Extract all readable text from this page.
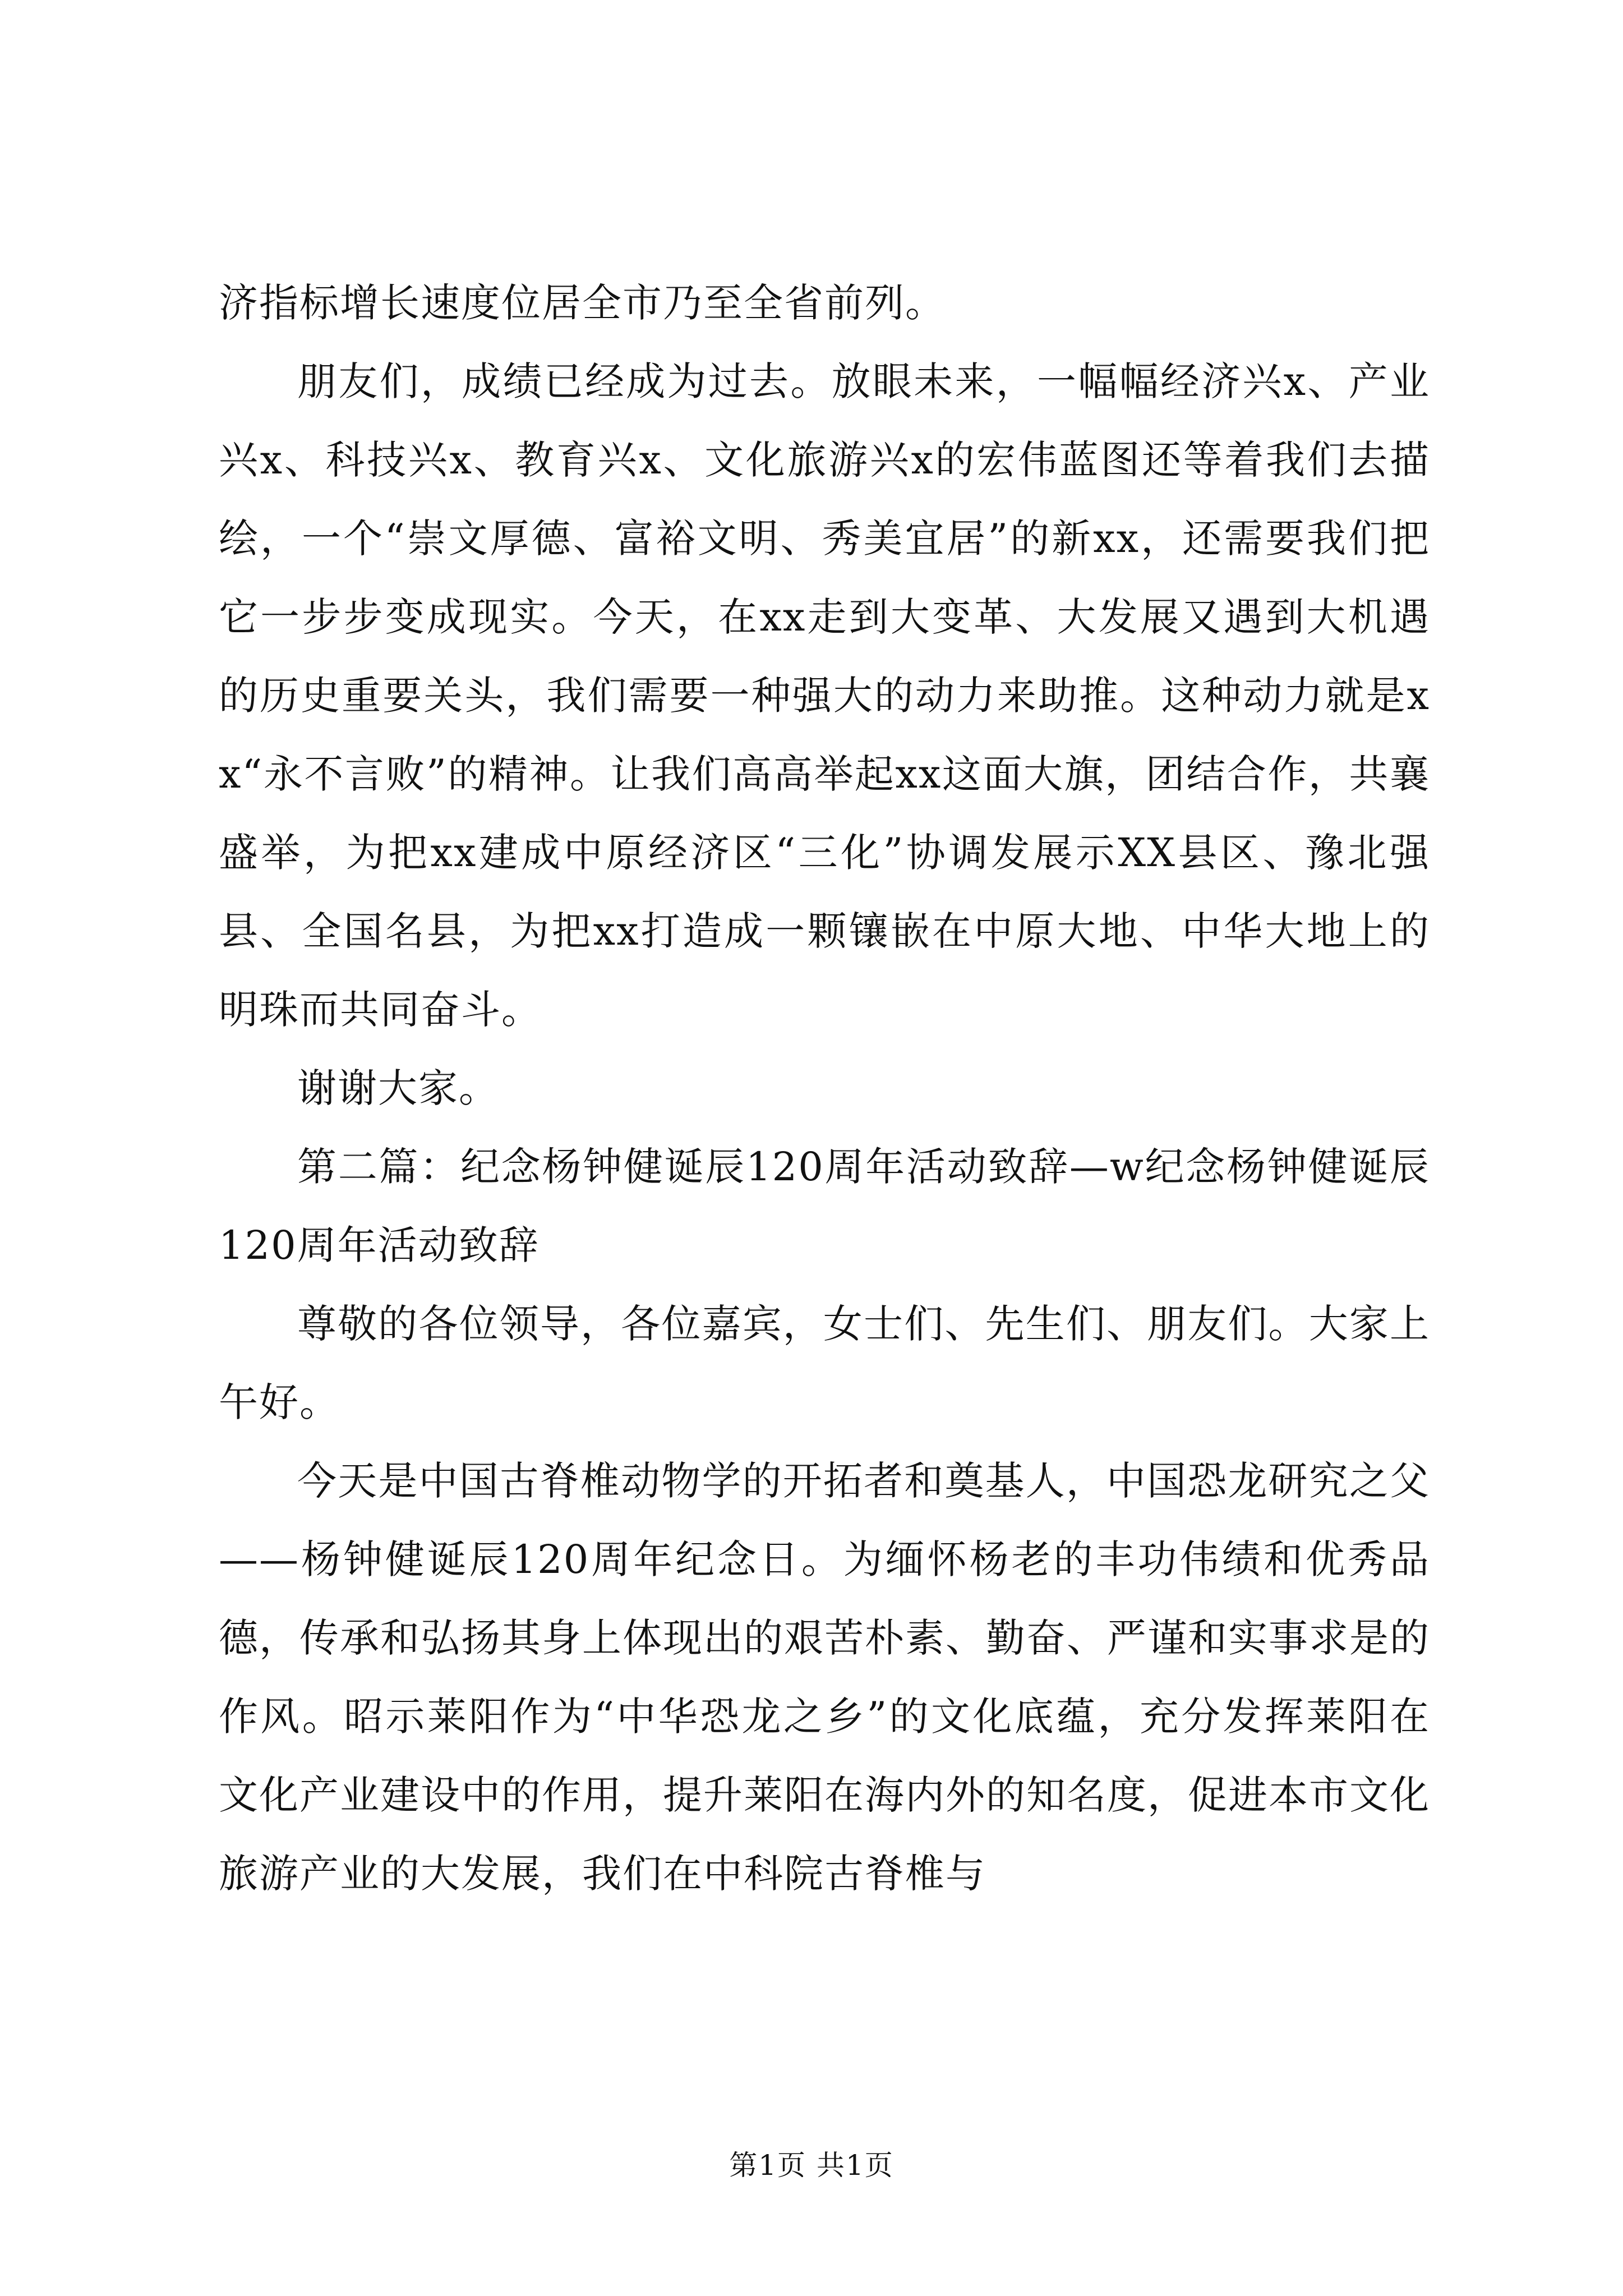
济指标增长速度位居全市乃至全省前列。

朋友们，成绩已经成为过去。放眼未来，一幅幅经济兴x、产业兴x、科技兴x、教育兴x、文化旅游兴x的宏伟蓝图还等着我们去描绘，一个“崇文厚德、富裕文明、秀美宜居”的新xx，还需要我们把它一步步变成现实。今天，在xx走到大变革、大发展又遇到大机遇的历史重要关头，我们需要一种强大的动力来助推。这种动力就是xx“永不言败”的精神。让我们高高举起xx这面大旗，团结合作，共襄盛举，为把xx建成中原经济区“三化”协调发展示XX县区、豫北强县、全国名县，为把xx打造成一颗镶嵌在中原大地、中华大地上的明珠而共同奋斗。

谢谢大家。

第二篇：纪念杨钟健诞辰120周年活动致辞—w纪念杨钟健诞辰120周年活动致辞

尊敬的各位领导，各位嘉宾，女士们、先生们、朋友们。大家上午好。

今天是中国古脊椎动物学的开拓者和奠基人，中国恐龙研究之父——杨钟健诞辰120周年纪念日。为缅怀杨老的丰功伟绩和优秀品德，传承和弘扬其身上体现出的艰苦朴素、勤奋、严谨和实事求是的作风。昭示莱阳作为“中华恐龙之乡”的文化底蕴，充分发挥莱阳在文化产业建设中的作用，提升莱阳在海内外的知名度，促进本市文化旅游产业的大发展，我们在中科院古脊椎与

第1页 共1页
